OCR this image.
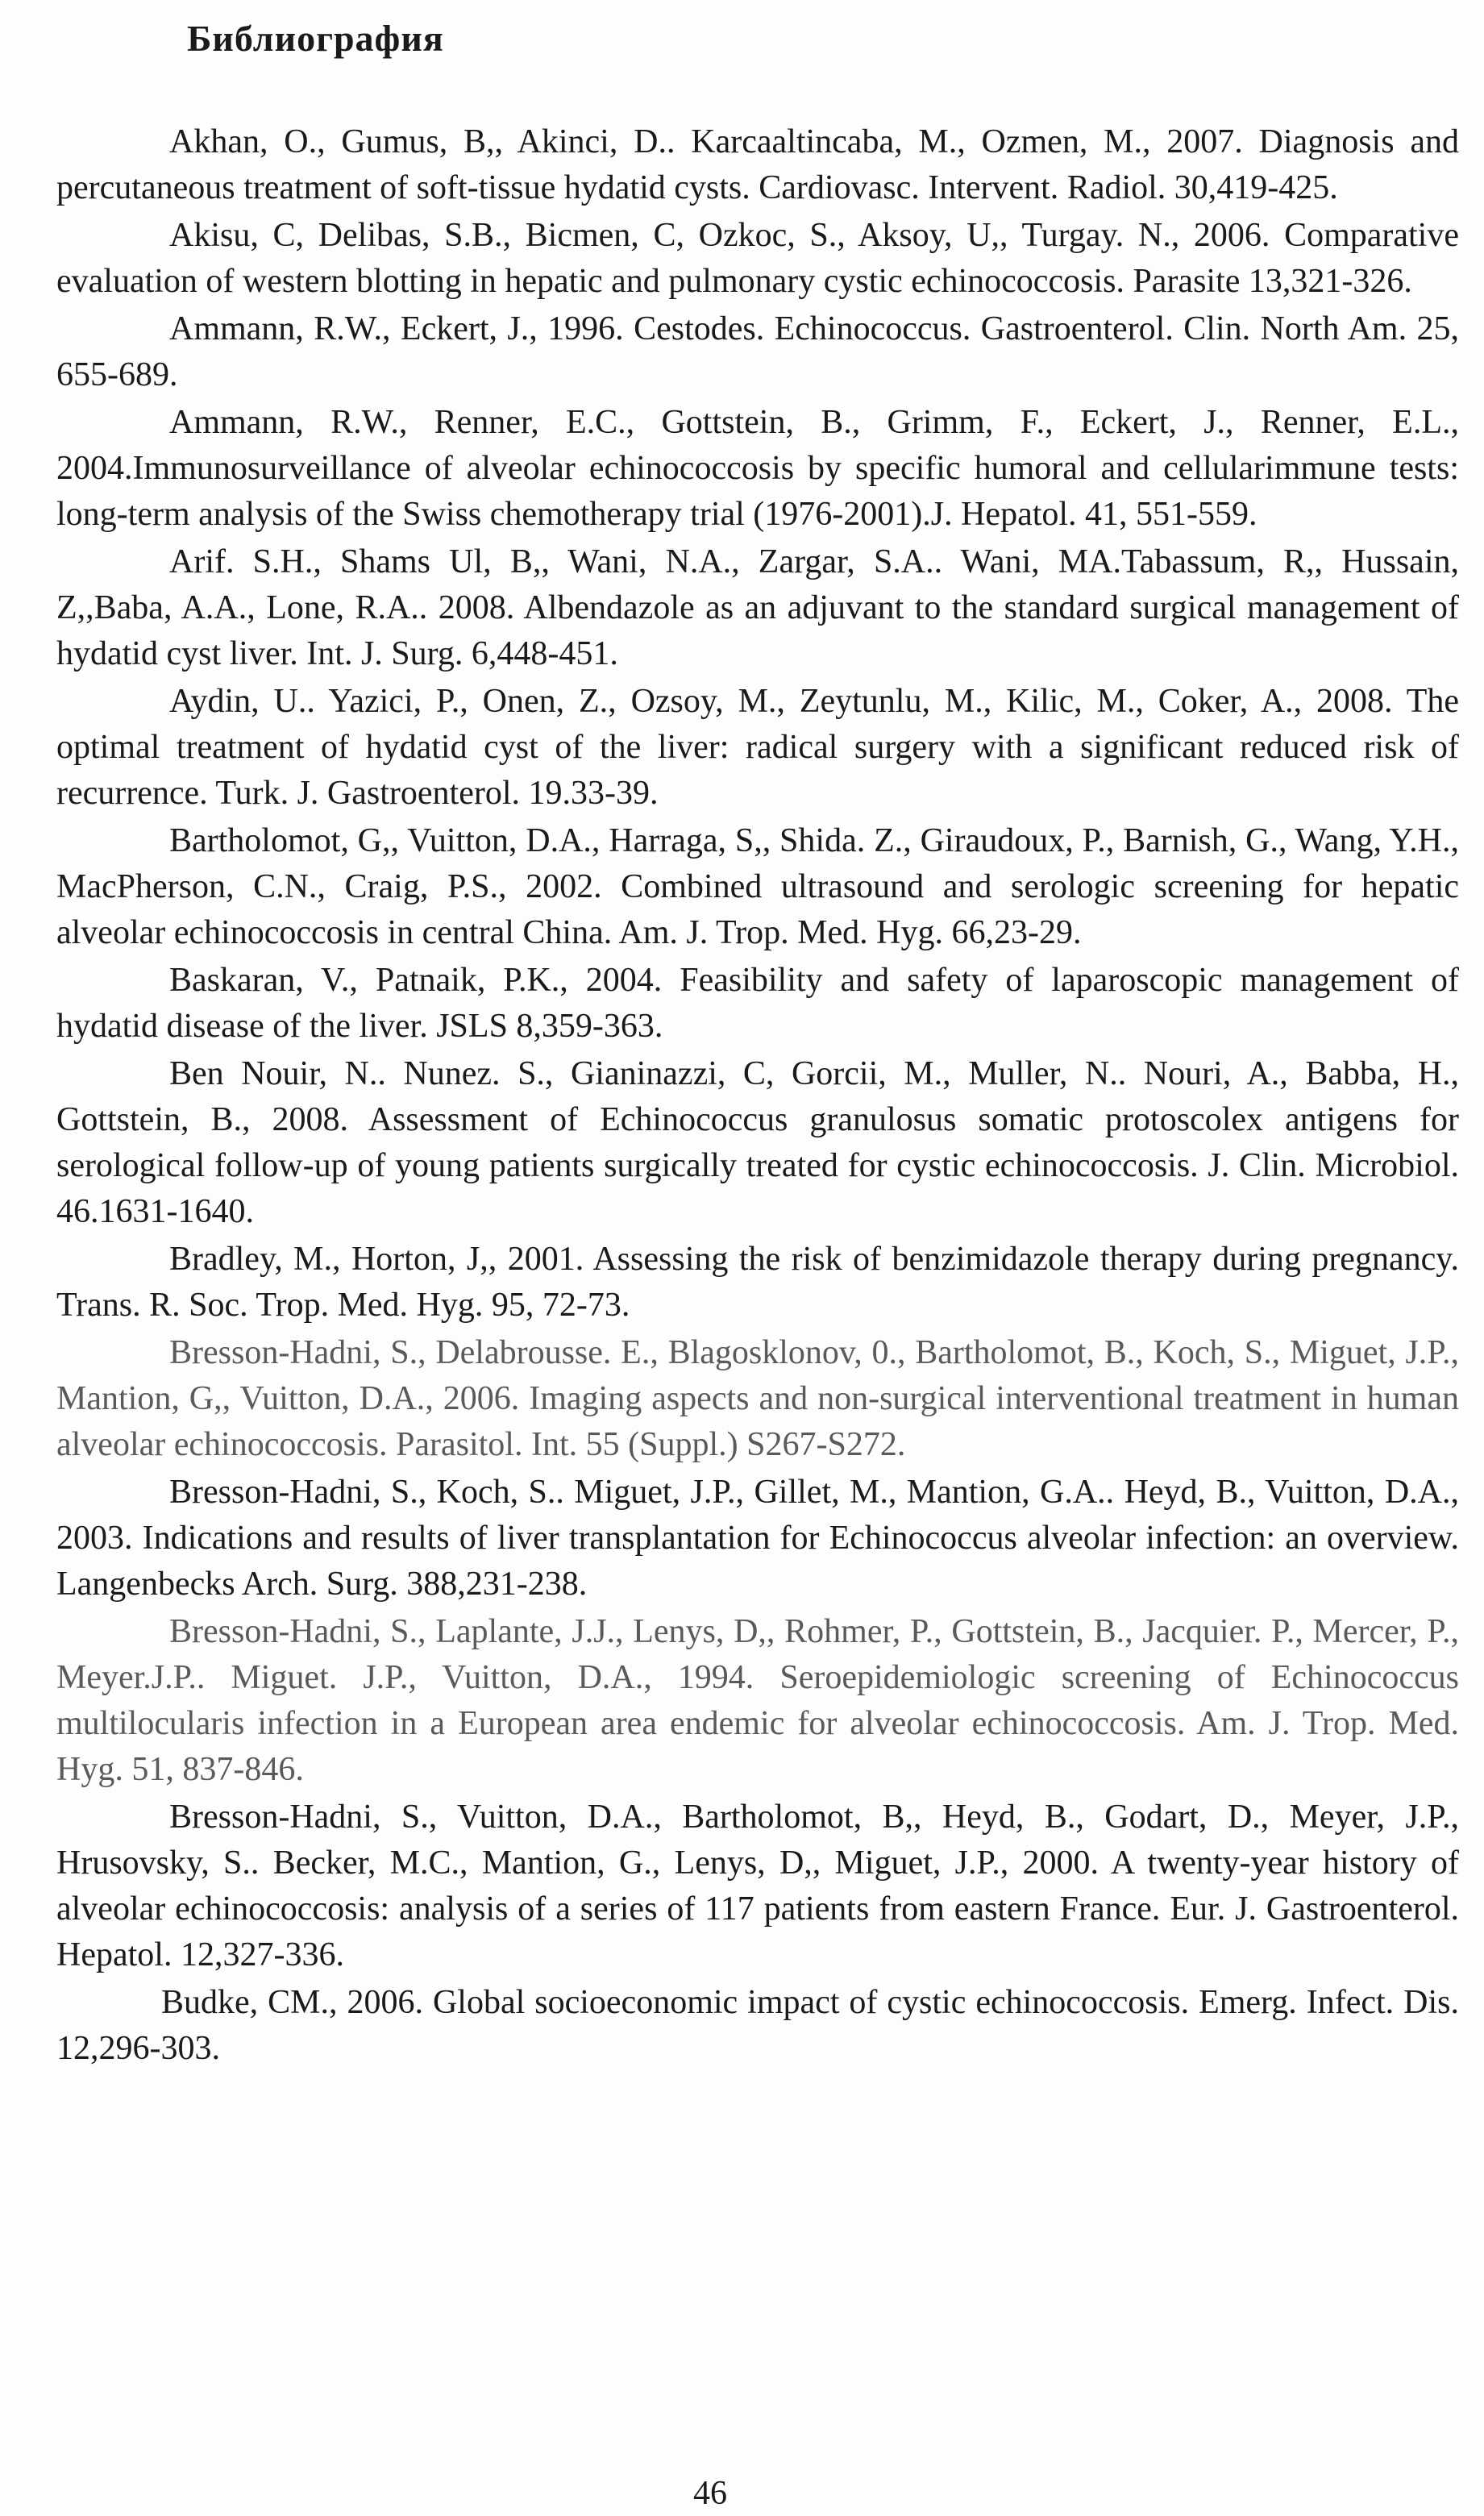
Библиография

Akhan, O., Gumus, B,, Akinci, D.. Karcaaltincaba, M., Ozmen, M., 2007. Diagnosis and percutaneous treatment of soft-tissue hydatid cysts. Cardiovasc. Intervent. Radiol. 30,419-425.

Akisu, C, Delibas, S.B., Bicmen, C, Ozkoc, S., Aksoy, U,, Turgay. N., 2006. Comparative evaluation of western blotting in hepatic and pulmonary cystic echinococcosis. Parasite 13,321-326.

Ammann, R.W., Eckert, J., 1996. Cestodes. Echinococcus. Gastroenterol. Clin. North Am. 25, 655-689.

Ammann, R.W., Renner, E.C., Gottstein, B., Grimm, F., Eckert, J., Renner, E.L., 2004.Immunosurveillance of alveolar echinococcosis by specific humoral and cellularimmune tests: long-term analysis of the Swiss chemotherapy trial (1976-2001).J. Hepatol. 41, 551-559.

Arif. S.H., Shams Ul, B,, Wani, N.A., Zargar, S.A.. Wani, MA.Tabassum, R,, Hussain, Z,,Baba, A.A., Lone, R.A.. 2008. Albendazole as an adjuvant to the standard surgical management of hydatid cyst liver. Int. J. Surg. 6,448-451.

Aydin, U.. Yazici, P., Onen, Z., Ozsoy, M., Zeytunlu, M., Kilic, M., Coker, A., 2008. The optimal treatment of hydatid cyst of the liver: radical surgery with a significant reduced risk of recurrence. Turk. J. Gastroenterol. 19.33-39.

Bartholomot, G,, Vuitton, D.A., Harraga, S,, Shida. Z., Giraudoux, P., Barnish, G., Wang, Y.H., MacPherson, C.N., Craig, P.S., 2002. Combined ultrasound and serologic screening for hepatic alveolar echinococcosis in central China. Am. J. Trop. Med. Hyg. 66,23-29.

Baskaran, V., Patnaik, P.K., 2004. Feasibility and safety of laparoscopic management of hydatid disease of the liver. JSLS 8,359-363.

Ben Nouir, N.. Nunez. S., Gianinazzi, C, Gorcii, M., Muller, N.. Nouri, A., Babba, H., Gottstein, B., 2008. Assessment of Echinococcus granulosus somatic protoscolex antigens for serological follow-up of young patients surgically treated for cystic echinococcosis. J. Clin. Microbiol. 46.1631-1640.

Bradley, M., Horton, J,, 2001. Assessing the risk of benzimidazole therapy during pregnancy. Trans. R. Soc. Trop. Med. Hyg. 95, 72-73.

Bresson-Hadni, S., Delabrousse. E., Blagosklonov, 0., Bartholomot, B., Koch, S., Miguet, J.P., Mantion, G,, Vuitton, D.A., 2006. Imaging aspects and non-surgical interventional treatment in human alveolar echinococcosis. Parasitol. Int. 55 (Suppl.) S267-S272.

Bresson-Hadni, S., Koch, S.. Miguet, J.P., Gillet, M., Mantion, G.A.. Heyd, B., Vuitton, D.A., 2003. Indications and results of liver transplantation for Echinococcus alveolar infection: an overview. Langenbecks Arch. Surg. 388,231-238.

Bresson-Hadni, S., Laplante, J.J., Lenys, D,, Rohmer, P., Gottstein, B., Jacquier. P., Mercer, P., Meyer.J.P.. Miguet. J.P., Vuitton, D.A., 1994. Seroepidemiologic screening of Echinococcus multilocularis infection in a European area endemic for alveolar echinococcosis. Am. J. Trop. Med. Hyg. 51, 837-846.

Bresson-Hadni, S., Vuitton, D.A., Bartholomot, B,, Heyd, B., Godart, D., Meyer, J.P., Hrusovsky, S.. Becker, M.C., Mantion, G., Lenys, D,, Miguet, J.P., 2000. A twenty-year history of alveolar echinococcosis: analysis of a series of 117 patients from eastern France. Eur. J. Gastroenterol. Hepatol. 12,327-336.

Budke, CM., 2006. Global socioeconomic impact of cystic echinococcosis. Emerg. Infect. Dis. 12,296-303.

46
